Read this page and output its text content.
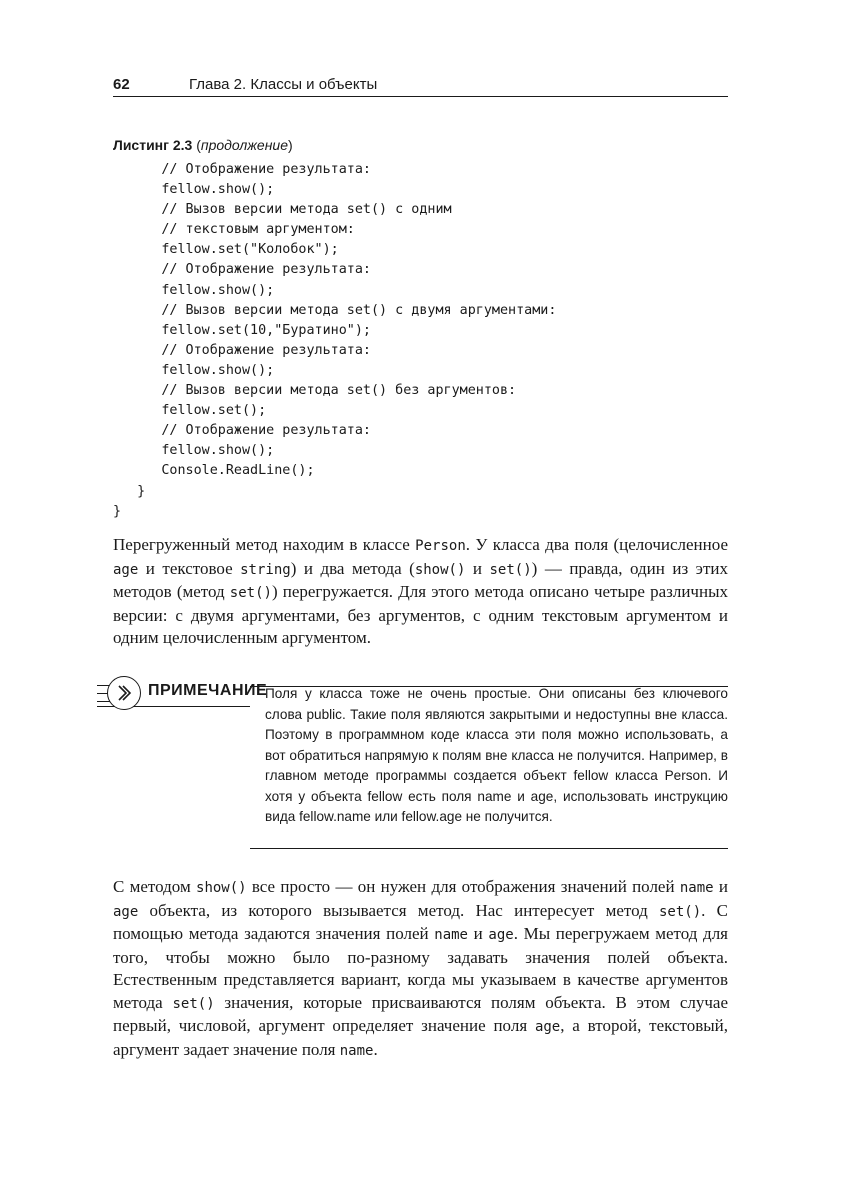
62	Глава 2. Классы и объекты
Листинг 2.3 (продолжение)
// Отображение результата:
fellow.show();
// Вызов версии метода set() с одним
// текстовым аргументом:
fellow.set("Колобок");
// Отображение результата:
fellow.show();
// Вызов версии метода set() с двумя аргументами:
fellow.set(10,"Буратино");
// Отображение результата:
fellow.show();
// Вызов версии метода set() без аргументов:
fellow.set();
// Отображение результата:
fellow.show();
Console.ReadLine();
}
}

Перегруженный метод находим в классе Person. У класса два поля (целочисленное age и текстовое string) и два метода (show() и set()) — правда, один из этих методов (метод set()) перегружается. Для этого метода описано четыре различных версии: с двумя аргументами, без аргументов, с одним текстовым аргументом и одним целочисленным аргументом.

ПРИМЕЧАНИЕ

Поля у класса тоже не очень простые. Они описаны без ключевого слова public. Такие поля являются закрытыми и недоступны вне класса. Поэтому в программном коде класса эти поля можно использовать, а вот обратиться напрямую к полям вне класса не получится. Например, в главном методе программы создается объект fellow класса Person. И хотя у объекта fellow есть поля name и age, использовать инструкцию вида fellow.name или fellow.age не получится.

С методом show() все просто — он нужен для отображения значений полей name и age объекта, из которого вызывается метод. Нас интересует метод set(). С помощью метода задаются значения полей name и age. Мы перегружаем метод для того, чтобы можно было по-разному задавать значения полей объекта. Естественным представляется вариант, когда мы указываем в качестве аргументов метода set() значения, которые присваиваются полям объекта. В этом случае первый, числовой, аргумент определяет значение поля age, а второй, текстовый, аргумент задает значение поля name.
